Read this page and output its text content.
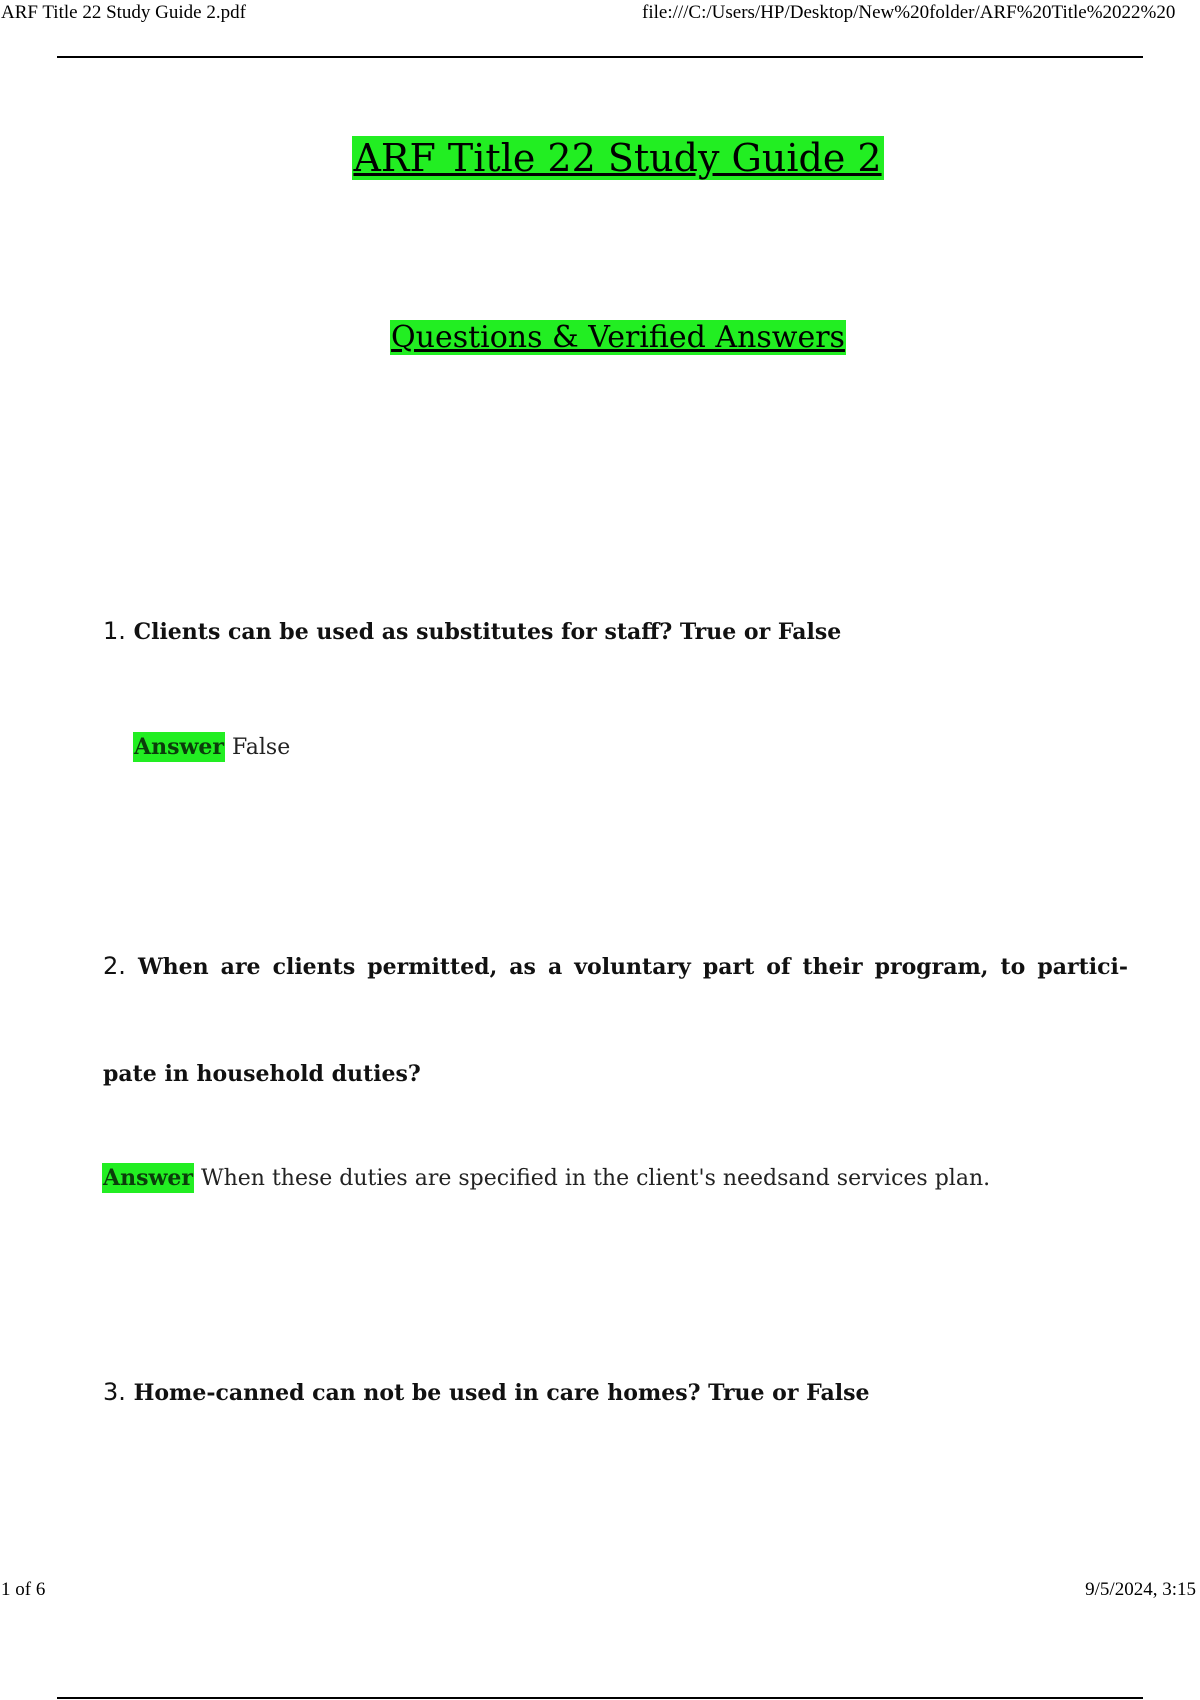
ARF Title 22 Study Guide 2.pdf	file:///C:/Users/HP/Desktop/New%20folder/ARF%20Title%2022%20
ARF Title 22 Study Guide 2
Questions & Verified Answers
1. Clients can be used as substitutes for staff? True or False
Answer False
2. When are clients permitted, as a voluntary part of their program, to partici- pate in household duties?
Answer When these duties are specified in the client's needsand services plan.
3. Home-canned can not be used in care homes? True or False
1 of 6	9/5/2024, 3:15
